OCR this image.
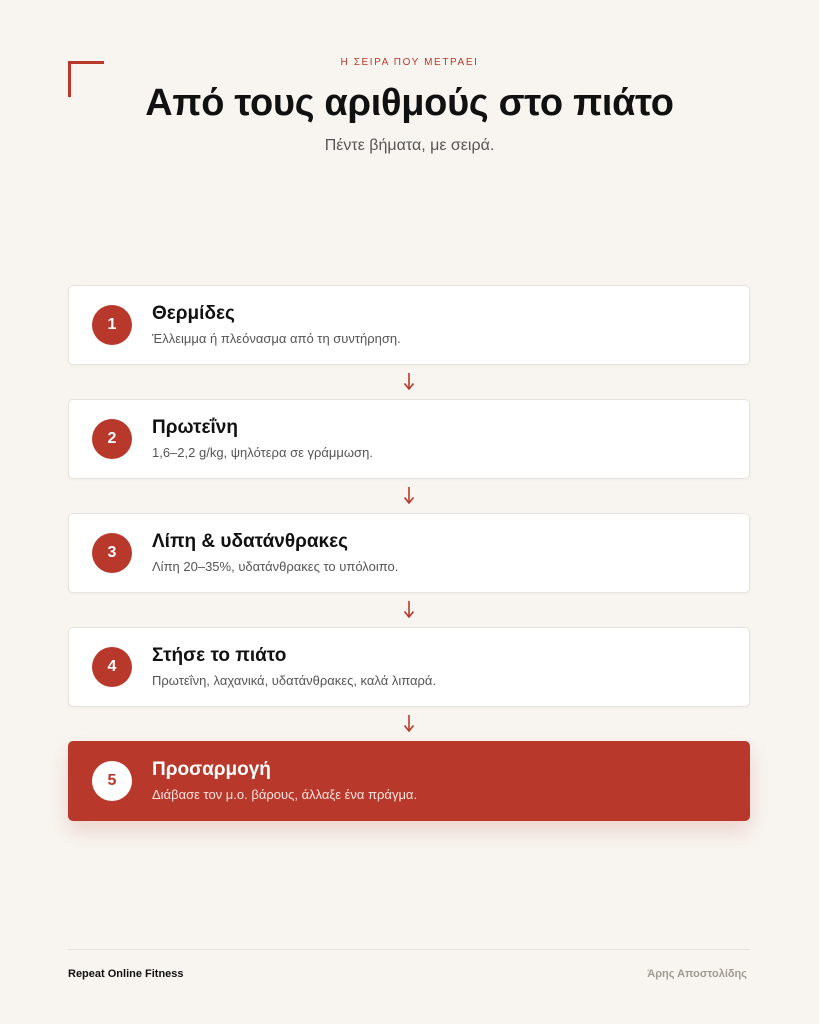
Η ΣΕΙΡΑ ΠΟΥ ΜΕΤΡΑΕΙ
Από τους αριθμούς στο πιάτο
Πέντε βήματα, με σειρά.
1
Θερμίδες
Έλλειμμα ή πλεόνασμα από τη συντήρηση.
2
Πρωτεΐνη
1,6–2,2 g/kg, ψηλότερα σε γράμμωση.
3
Λίπη & υδατάνθρακες
Λίπη 20–35%, υδατάνθρακες το υπόλοιπο.
4
Στήσε το πιάτο
Πρωτεΐνη, λαχανικά, υδατάνθρακες, καλά λιπαρά.
5
Προσαρμογή
Διάβασε τον μ.ο. βάρους, άλλαξε ένα πράγμα.
Repeat Online Fitness	Άρης Αποστολίδης
